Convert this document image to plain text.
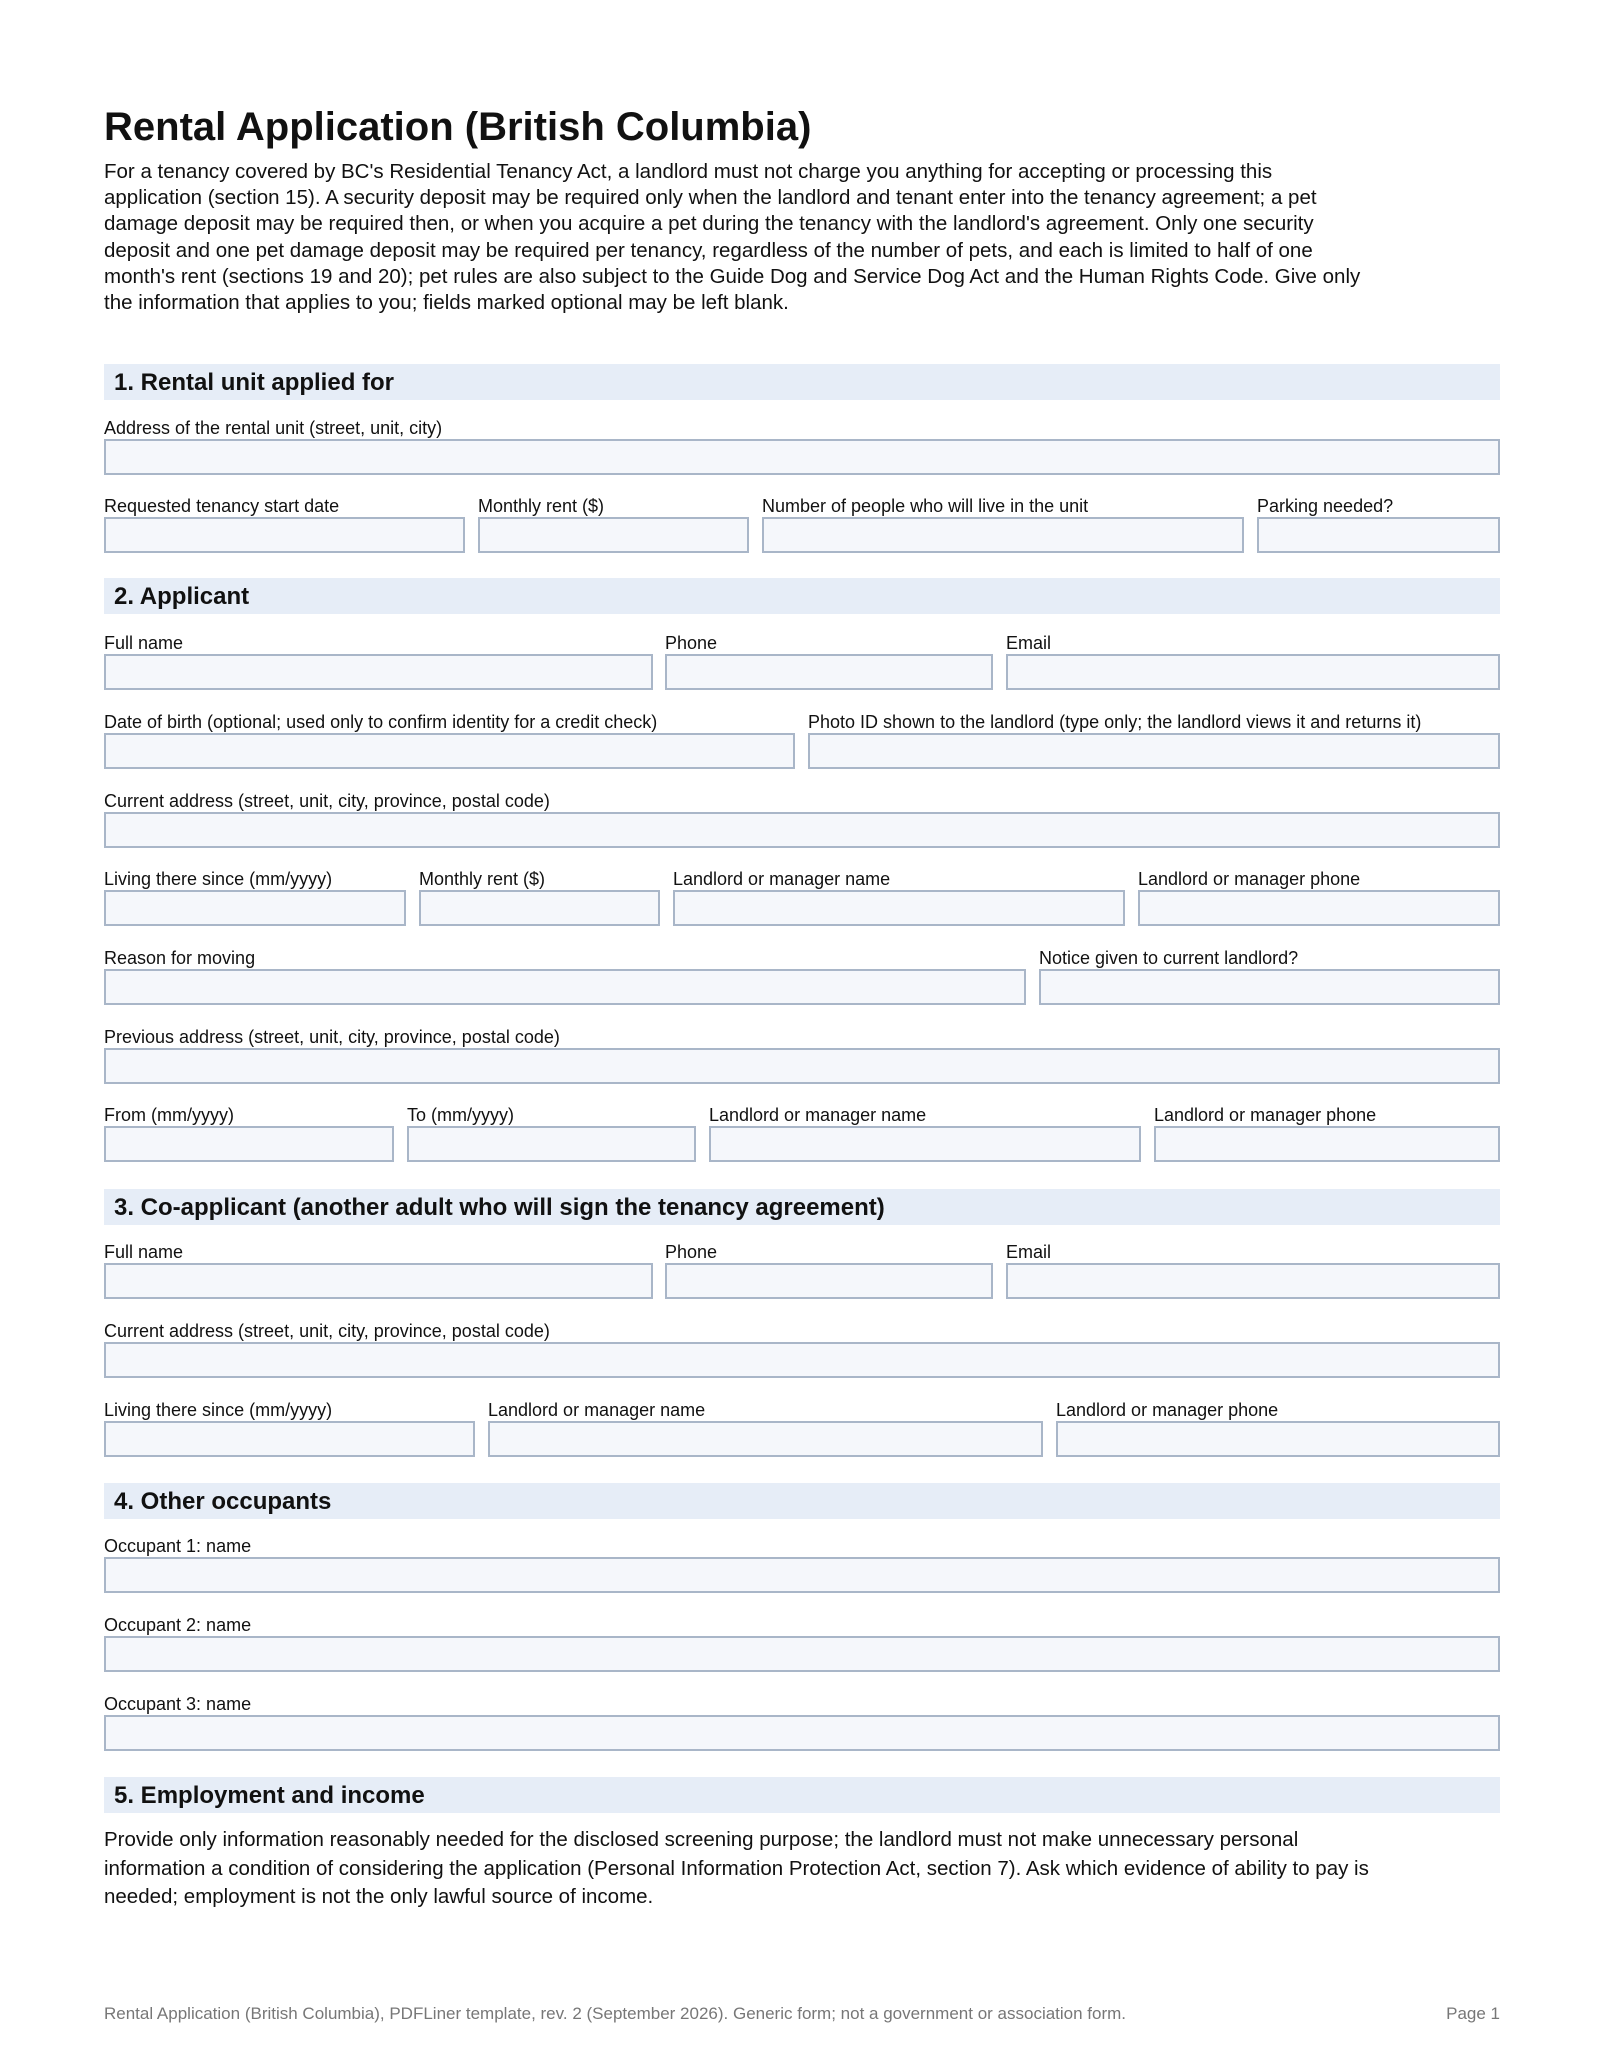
Rental Application (British Columbia)

For a tenancy covered by BC's Residential Tenancy Act, a landlord must not charge you anything for accepting or processing this application (section 15). A security deposit may be required only when the landlord and tenant enter into the tenancy agreement; a pet damage deposit may be required then, or when you acquire a pet during the tenancy with the landlord's agreement. Only one security deposit and one pet damage deposit may be required per tenancy, regardless of the number of pets, and each is limited to half of one month's rent (sections 19 and 20); pet rules are also subject to the Guide Dog and Service Dog Act and the Human Rights Code. Give only the information that applies to you; fields marked optional may be left blank.

1. Rental unit applied for
Address of the rental unit (street, unit, city)
Requested tenancy start date	Monthly rent ($)	Number of people who will live in the unit	Parking needed?
2. Applicant
Full name	Phone	Email
Date of birth (optional; used only to confirm identity for a credit check)	Photo ID shown to the landlord (type only; the landlord views it and returns it)
Current address (street, unit, city, province, postal code)
Living there since (mm/yyyy)	Monthly rent ($)	Landlord or manager name	Landlord or manager phone
Reason for moving	Notice given to current landlord?
Previous address (street, unit, city, province, postal code)
From (mm/yyyy)	To (mm/yyyy)	Landlord or manager name	Landlord or manager phone
3. Co-applicant (another adult who will sign the tenancy agreement)
Full name	Phone	Email
Current address (street, unit, city, province, postal code)
Living there since (mm/yyyy)	Landlord or manager name	Landlord or manager phone
4. Other occupants
Occupant 1: name
Occupant 2: name
Occupant 3: name
5. Employment and income

Provide only information reasonably needed for the disclosed screening purpose; the landlord must not make unnecessary personal information a condition of considering the application (Personal Information Protection Act, section 7). Ask which evidence of ability to pay is needed; employment is not the only lawful source of income.

Rental Application (British Columbia), PDFLiner template, rev. 2 (September 2026). Generic form; not a government or association form.	Page 1
